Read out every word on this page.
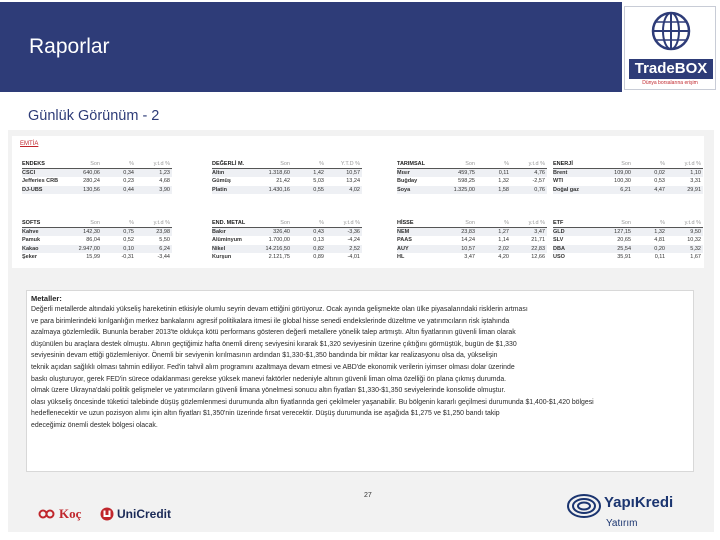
Raporlar
TradeBOX
Dünya borsalarına erişim
Günlük Görünüm - 2
EMTİA
ENDEKS	Son	%	y.t.d %
CSCI	640,06	0,34	1,23
Jefferies CRB	280,24	0,23	4,68
DJ-UBS	130,56	0,44	3,90
DEĞERLİ M.	Son	%	Y.T.D %
Altın	1.318,60	1,42	10,57
Gümüş	21,42	5,03	13,24
Platin	1.430,16	0,55	4,02
TARIMSAL	Son	%	y.t.d %
Mısır	459,75	0,11	4,76
Buğday	598,25	1,32	-2,57
Soya	1.325,00	1,58	0,76
ENERJİ	Son	%	y.t.d %
Brent	109,00	0,02	1,10
WTI	100,30	0,53	3,31
Doğal gaz	6,21	4,47	29,91
SOFTS	Son	%	y.t.d %
Kahve	142,30	0,75	23,98
Pamuk	86,04	0,52	5,50
Kakao	2.947,00	0,10	6,24
Şeker	15,99	-0,31	-3,44
END. METAL	Son	%	y.t.d %
Bakır	326,40	0,43	-3,36
Alüminyum	1.700,00	0,13	-4,24
Nikel	14.216,50	0,82	2,52
Kurşun	2.121,75	0,89	-4,01
HİSSE	Son	%	y.t.d %
NEM	23,83	1,27	3,47
PAAS	14,24	1,14	21,71
AUY	10,57	2,02	22,83
HL	3,47	4,20	12,66
ETF	Son	%	y.t.d %
GLD	127,15	1,32	9,50
SLV	20,65	4,81	10,32
DBA	25,54	0,20	5,32
USO	35,91	0,11	1,67
Metaller:
Değerli metallerde altındaki yükseliş hareketinin etkisiyle olumlu seyrin devam ettiğini görüyoruz. Ocak ayında gelişmekte olan ülke piyasalarındaki risklerin artması
ve para birimlerindeki kırılganlığın merkez bankalarını agresif politikalara itmesi ile global hisse senedi endekslerinde düzeltme ve yatırımcıların risk iştahında
azalmaya gözlemledik. Bununla beraber 2013'te oldukça kötü performans gösteren değerli metallere yönelik talep artmıştı. Altın fiyatlarının güvenli liman olarak
düşünülen bu araçlara destek olmuştu. Altının geçtiğimiz hafta önemli direnç seviyesini kırarak $1,320 seviyesinin üzerine çıktığını görmüştük, bugün de $1,330
seviyesinin devam ettiği gözlemleniyor. Önemli bir seviyenin kırılmasının ardından $1,330-$1,350 bandında bir miktar kar realizasyonu olsa da, yükselişin
teknik açıdan sağlıklı olması tahmin ediliyor. Fed'in tahvil alım programını azaltmaya devam etmesi ve ABD'de ekonomik verilerin iyimser olması dolar üzerinde
baskı oluşturuyor, gerek FED'in sürece odaklanması gerekse yüksek manevi faktörler nedeniyle altının güvenli liman olma özelliği ön plana çıkmış durumda.
olmak üzere Ukrayna'daki politik gelişmeler ve yatırımcıların güvenli limana yönelmesi sonucu altın fiyatları $1,330-$1,350 seviyelerinde konsolide olmuştur.
olası yükseliş öncesinde tüketici talebinde düşüş gözlemlenmesi durumunda altın fiyatlarında geri çekilmeler yaşanabilir. Bu bölgenin kararlı geçilmesi durumunda $1,400-$1,420 bölgesi
hedeflenecektir ve uzun pozisyon alımı için altın fiyatları $1,350'nin üzerinde fırsat verecektir. Düşüş durumunda ise aşağıda $1,275 ve $1,250 bandı takip
edeceğimiz önemli destek bölgesi olacak.
27
Koç	UniCredit
YapıKredi
Yatırım
